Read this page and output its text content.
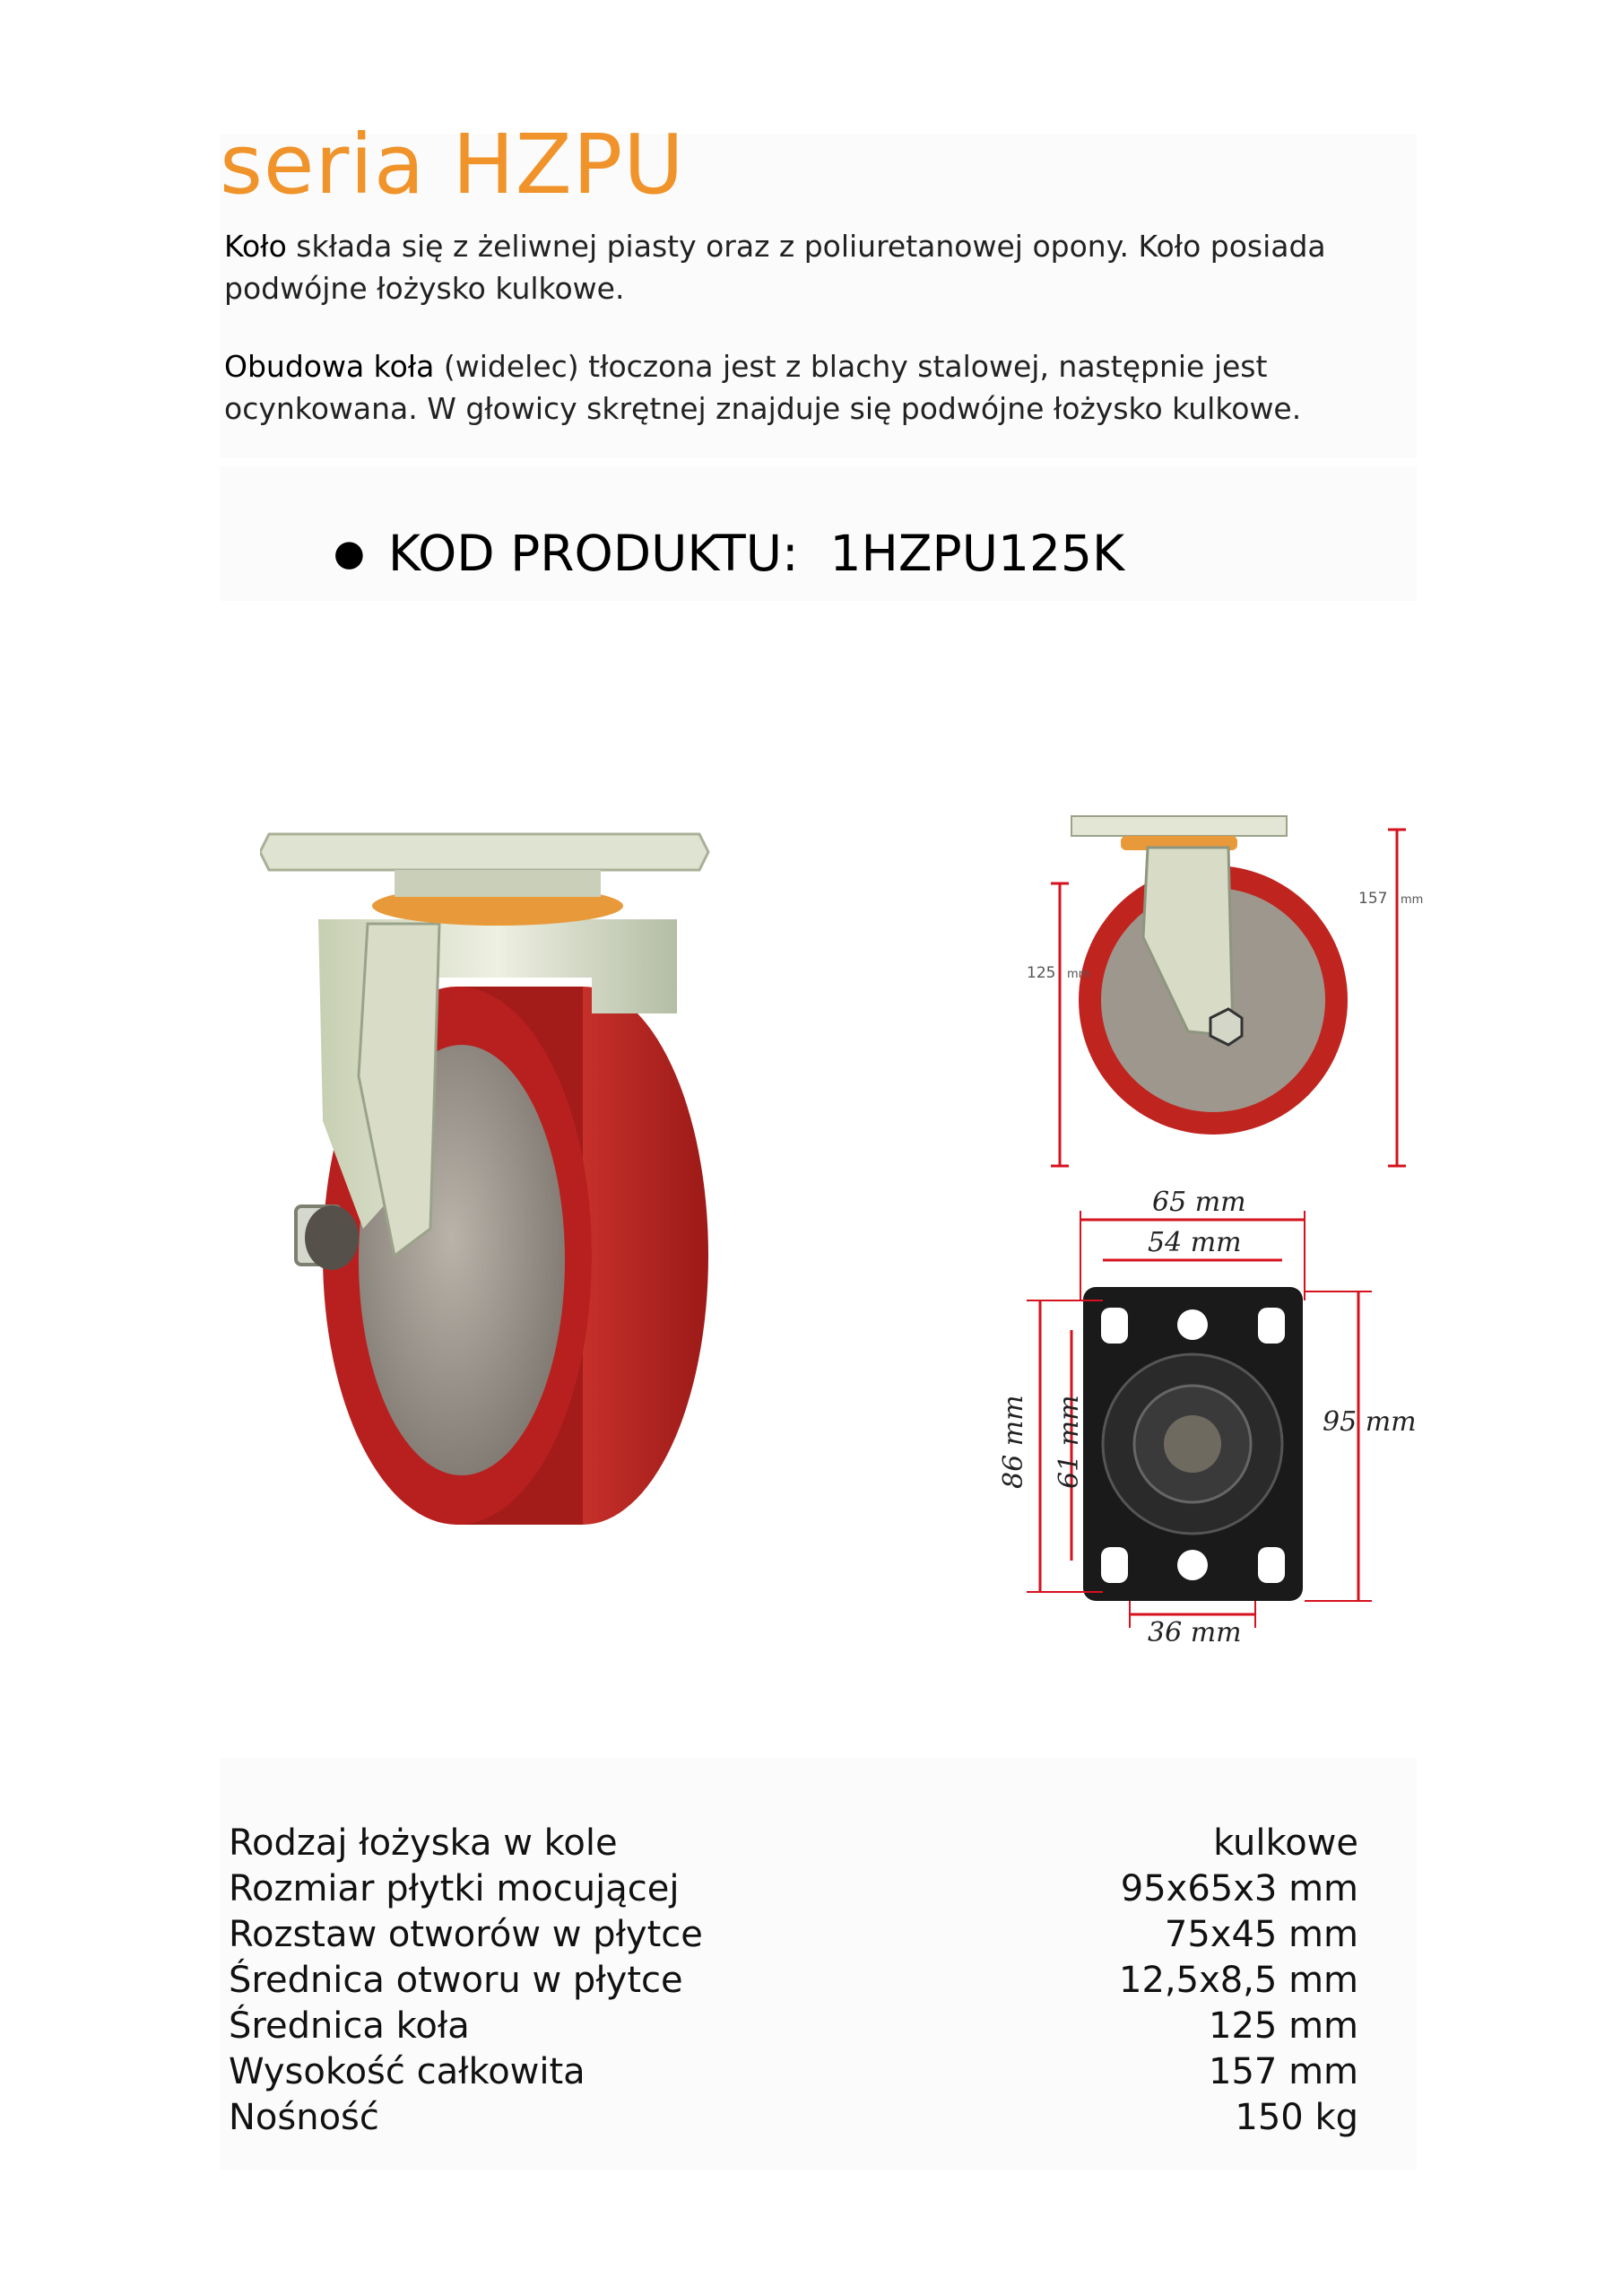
seria HZPU
Koło składa się z żeliwnej piasty oraz z poliuretanowej opony. Koło posiada podwójne łożysko kulkowe.
Obudowa koła (widelec) tłoczona jest z blachy stalowej, następnie jest ocynkowana. W głowicy skrętnej znajduje się podwójne łożysko kulkowe.
● KOD PRODUKTU: 1HZPU125K
157 mm
125 mm
65 mm
54 mm
86 mm 61 mm	95 mm
36 mm
Rodzaj łożyska w kole	kulkowe
Rozmiar płytki mocującej	95x65x3 mm
Rozstaw otworów w płytce	75x45 mm
Średnica otworu w płytce	12,5x8,5 mm
Średnica koła	125 mm
Wysokość całkowita	157 mm
Nośność	150 kg
